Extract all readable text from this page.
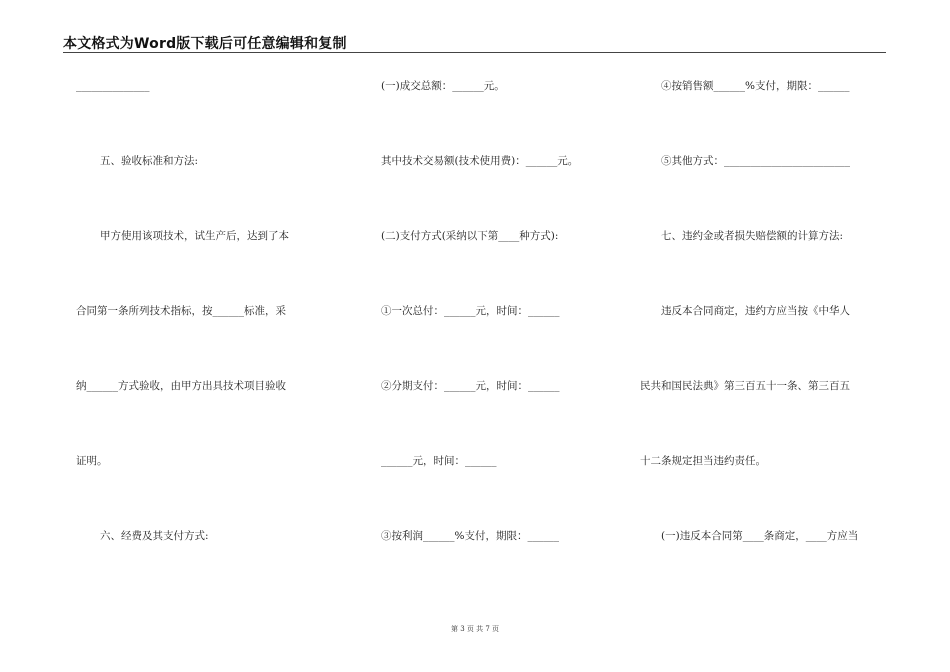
本文格式为Word版下载后可任意编辑和复制
______________
五、验收标准和方法:
甲方使用该项技术，试生产后，达到了本
合同第一条所列技术指标，按______标准，采
纳______方式验收，由甲方出具技术项目验收
证明。
六、经费及其支付方式:
(一)成交总额：______元。
其中技术交易额(技术使用费)：______元。
(二)支付方式(采纳以下第____种方式):
①一次总付：______元，时间：______
②分期支付：______元，时间：______
______元，时间：______
③按利润______%支付，期限：______
④按销售额______%支付，期限：______
⑤其他方式：________________________
七、违约金或者损失赔偿额的计算方法:
违反本合同商定，违约方应当按《中华人
民共和国民法典》第三百五十一条、第三百五
十二条规定担当违约责任。
(一)违反本合同第____条商定，____方应当
第 3 页 共 7 页
